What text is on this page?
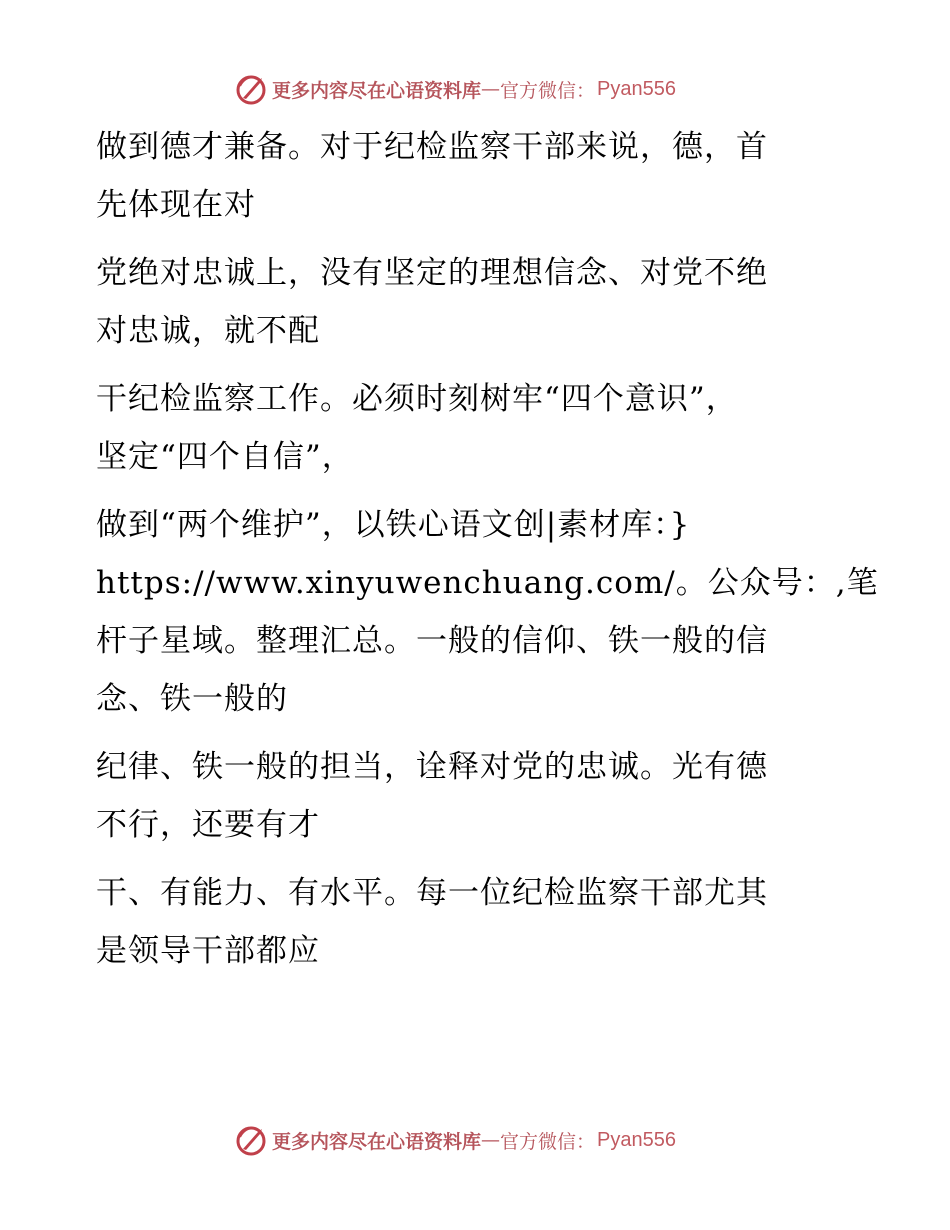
更多内容尽在心语资料库 — 官方微信： Pyan556
做到德才兼备。对于纪检监察干部来说，德，首
先体现在对
党绝对忠诚上，没有坚定的理想信念、对党不绝
对忠诚，就不配
干纪检监察工作。必须时刻树牢“四个意识”，
坚定“四个自信”，
做到“两个维护”，以铁心语文创|素材库：}
https://www.xinyuwenchuang.com/。公众号：,笔
杆子星域。整理汇总。一般的信仰、铁一般的信
念、铁一般的
纪律、铁一般的担当，诠释对党的忠诚。光有德
不行，还要有才
干、有能力、有水平。每一位纪检监察干部尤其
是领导干部都应
更多内容尽在心语资料库 — 官方微信： Pyan556
